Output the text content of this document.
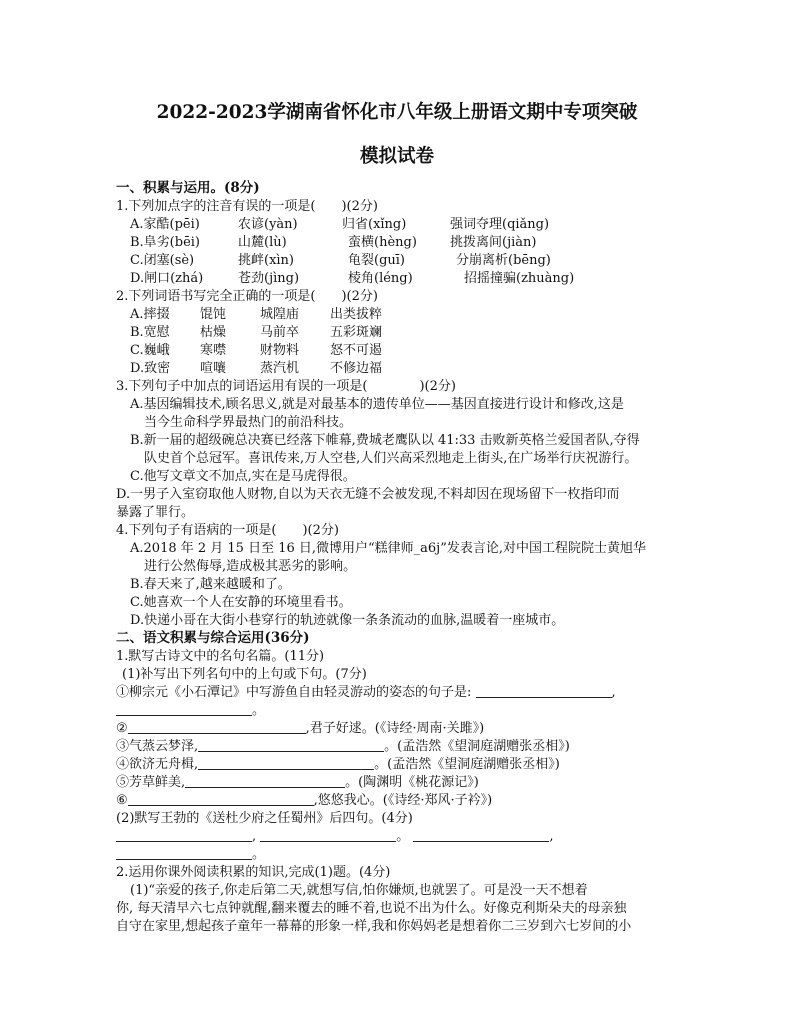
2022-2023学湖南省怀化市八年级上册语文期中专项突破
模拟试卷
一、积累与运用。(8分)
1.下列加点字的注音有误的一项是(　　)(2分)
A.家酷(pēi)	农谚(yàn)	归省(xǐng)	强词夺理(qiǎng)
B.阜劣(bēi)	山麓(lù)	蛮横(hèng)	挑拨离间(jiàn)
C.闭塞(sè)	挑衅(xìn)	龟裂(guī)	分崩离析(bēng)
D.闸口(zhá)	苍劲(jìng)	棱角(léng)	招摇撞骗(zhuàng)
2.下列词语书写完全正确的一项是(　　)(2分)
A.摔掇 馄饨	城隍庙 出类拔粹
B.宽慰 枯燥	马前卒 五彩斑斓
C.巍峨 寒噤	财物料 怒不可遏
D.致密 喧嚷	蒸汽机 不修边福
3.下列句子中加点的词语运用有误的一项是(　　　　)(2分)
A.基因编辑技术,顾名思义,就是对最基本的遗传单位——基因直接进行设计和修改,这是
当今生命科学界最热门的前沿科技。
B.新一届的超级碗总决赛已经落下帷幕,费城老鹰队以 41:33 击败新英格兰爱国者队,夺得
队史首个总冠军。喜讯传来,万人空巷,人们兴高采烈地走上街头,在广场举行庆祝游行。
C.他写文章文不加点,实在是马虎得很。
D.一男子入室窃取他人财物,自以为天衣无缝不会被发现,不料却因在现场留下一枚指印而
暴露了罪行。
4.下列句子有语病的一项是(　　)(2分)
A.2018 年 2 月 15 日至 16 日,微博用户“糕律师_a6j”发表言论,对中国工程院院士黄旭华
进行公然侮辱,造成极其恶劣的影响。
B.春天来了,越来越暖和了。
C.她喜欢一个人在安静的环境里看书。
D.快递小哥在大街小巷穿行的轨迹就像一条条流动的血脉,温暖着一座城市。
二、语文积累与综合运用(36分)
1.默写古诗文中的名句名篇。(11分)
(1)补写出下列名句中的上句或下句。(7分)
①柳宗元《小石潭记》中写游鱼自由轻灵游动的姿态的句子是:	,
。
②	,君子好逑。(《诗经·周南·关雎》)
③气蒸云梦泽,	。(孟浩然《望洞庭湖赠张丞相》)
④欲济无舟楫,	。(孟浩然《望洞庭湖赠张丞相》)
⑤芳草鲜美,	。(陶渊明《桃花源记》)
⑥	,悠悠我心。(《诗经·郑风·子衿》)
(2)默写王勃的《送杜少府之任蜀州》后四句。(4分)
,	。	,
。
2.运用你课外阅读积累的知识,完成(1)题。(4分)
(1)“亲爱的孩子,你走后第二天,就想写信,怕你嫌烦,也就罢了。可是没一天不想着
你, 每天清早六七点钟就醒,翻来覆去的睡不着,也说不出为什么。好像克利斯朵夫的母亲独
自守在家里,想起孩子童年一幕幕的形象一样,我和你妈妈老是想着你二三岁到六七岁间的小
